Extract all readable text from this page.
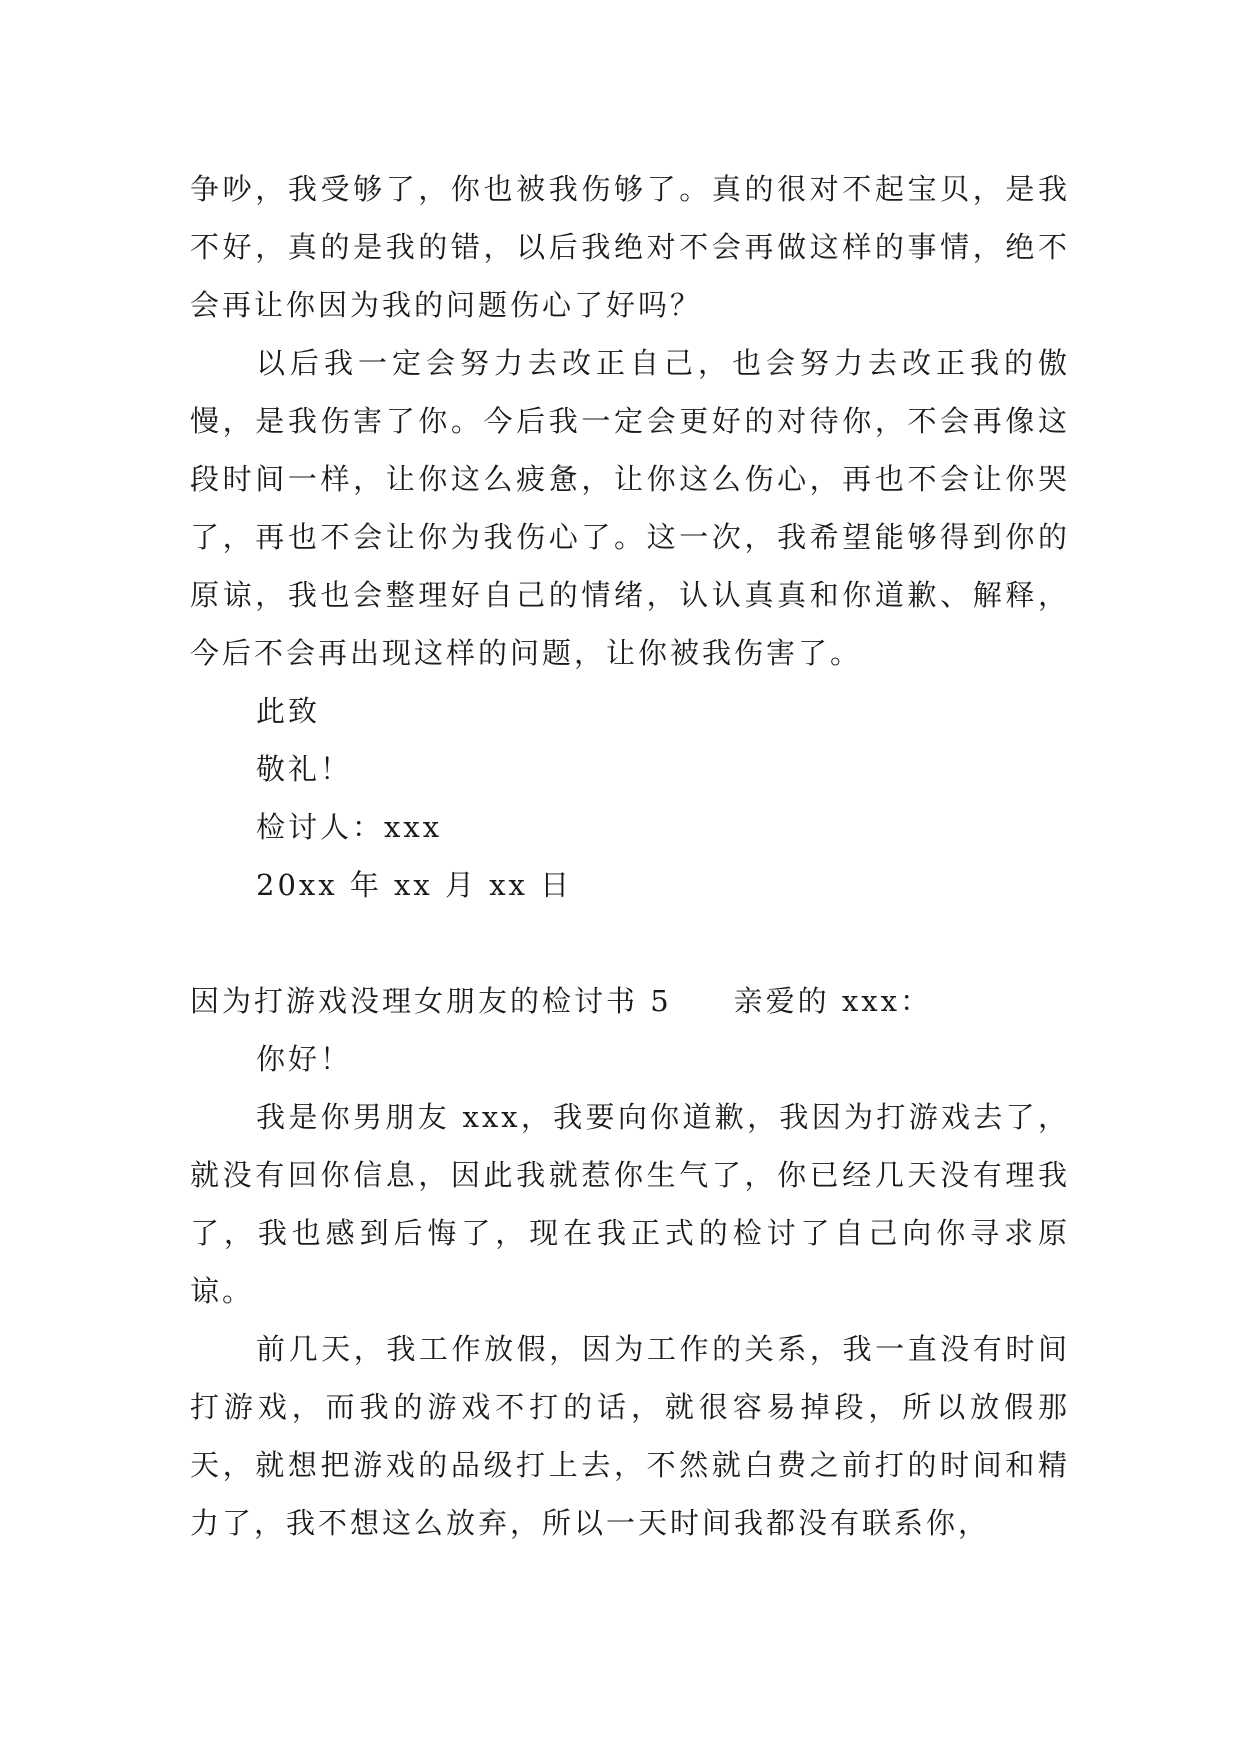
争吵，我受够了，你也被我伤够了。真的很对不起宝贝，是我不好，真的是我的错，以后我绝对不会再做这样的事情，绝不会再让你因为我的问题伤心了好吗？

以后我一定会努力去改正自己，也会努力去改正我的傲慢，是我伤害了你。今后我一定会更好的对待你，不会再像这段时间一样，让你这么疲惫，让你这么伤心，再也不会让你哭了，再也不会让你为我伤心了。这一次，我希望能够得到你的原谅，我也会整理好自己的情绪，认认真真和你道歉、解释，今后不会再出现这样的问题，让你被我伤害了。

此致

敬礼！

检讨人：xxx

20xx 年 xx 月 xx 日

因为打游戏没理女朋友的检讨书 5 亲爱的 xxx：

你好！

我是你男朋友 xxx，我要向你道歉，我因为打游戏去了，就没有回你信息，因此我就惹你生气了，你已经几天没有理我了，我也感到后悔了，现在我正式的检讨了自己向你寻求原谅。

前几天，我工作放假，因为工作的关系，我一直没有时间打游戏，而我的游戏不打的话，就很容易掉段，所以放假那天，就想把游戏的品级打上去，不然就白费之前打的时间和精力了，我不想这么放弃，所以一天时间我都没有联系你，
